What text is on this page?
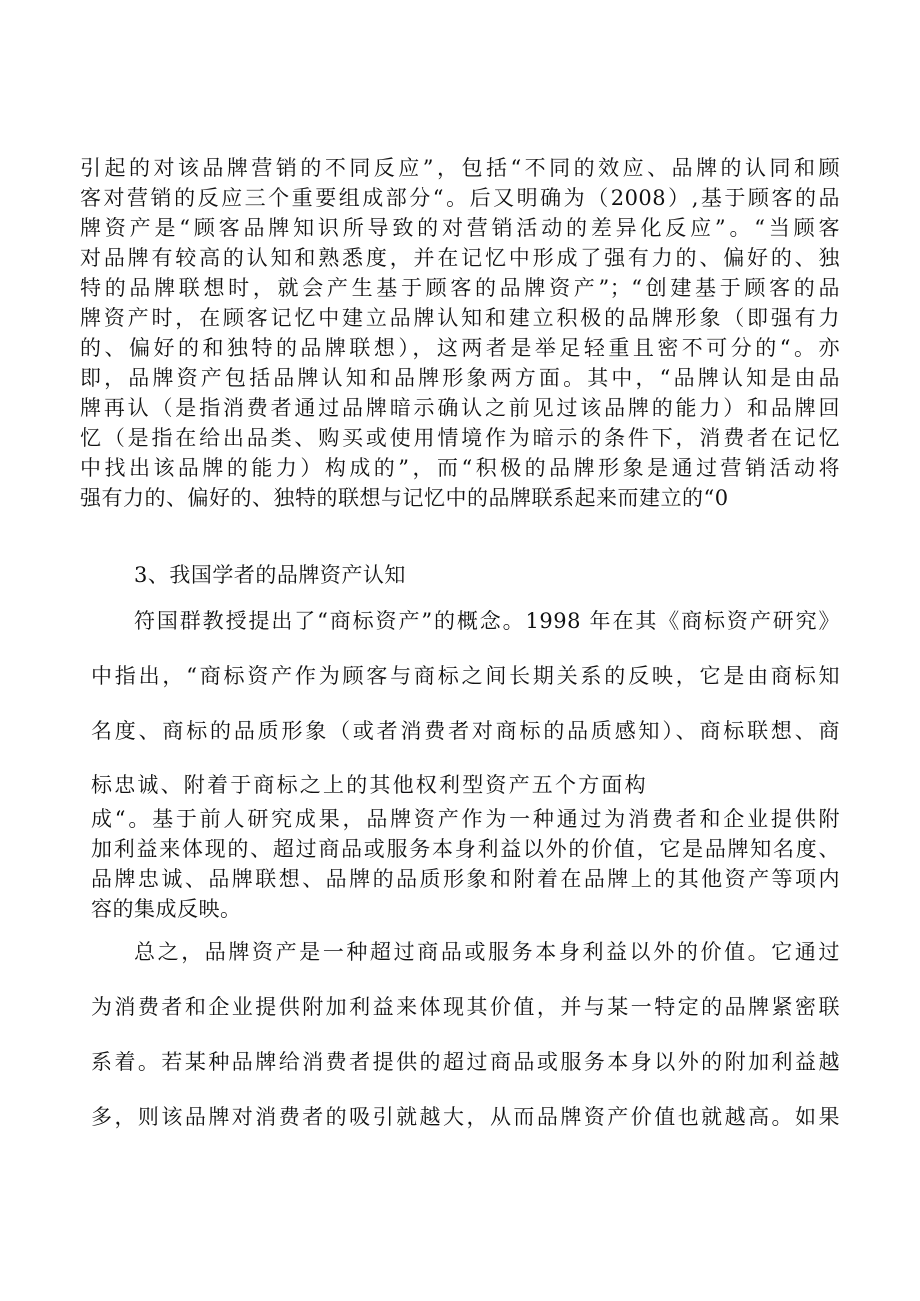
引起的对该品牌营销的不同反应”，包括“不同的效应、品牌的认同和顾
客对营销的反应三个重要组成部分“。后又明确为（2008）,基于顾客的品
牌资产是“顾客品牌知识所导致的对营销活动的差异化反应”。“当顾客
对品牌有较高的认知和熟悉度，并在记忆中形成了强有力的、偏好的、独
特的品牌联想时，就会产生基于顾客的品牌资产”；“创建基于顾客的品
牌资产时，在顾客记忆中建立品牌认知和建立积极的品牌形象（即强有力
的、偏好的和独特的品牌联想），这两者是举足轻重且密不可分的“。亦
即，品牌资产包括品牌认知和品牌形象两方面。其中，“品牌认知是由品
牌再认（是指消费者通过品牌暗示确认之前见过该品牌的能力）和品牌回
忆（是指在给出品类、购买或使用情境作为暗示的条件下，消费者在记忆
中找出该品牌的能力）构成的”，而“积极的品牌形象是通过营销活动将
强有力的、偏好的、独特的联想与记忆中的品牌联系起来而建立的“0
3、我国学者的品牌资产认知
符国群教授提出了“商标资产”的概念。1998 年在其《商标资产研究》
中指出，“商标资产作为顾客与商标之间长期关系的反映，它是由商标知
名度、商标的品质形象（或者消费者对商标的品质感知）、商标联想、商
标忠诚、附着于商标之上的其他权利型资产五个方面构
成“。基于前人研究成果，品牌资产作为一种通过为消费者和企业提供附
加利益来体现的、超过商品或服务本身利益以外的价值，它是品牌知名度、
品牌忠诚、品牌联想、品牌的品质形象和附着在品牌上的其他资产等项内
容的集成反映。
总之，品牌资产是一种超过商品或服务本身利益以外的价值。它通过
为消费者和企业提供附加利益来体现其价值，并与某一特定的品牌紧密联
系着。若某种品牌给消费者提供的超过商品或服务本身以外的附加利益越
多，则该品牌对消费者的吸引就越大，从而品牌资产价值也就越高。如果
